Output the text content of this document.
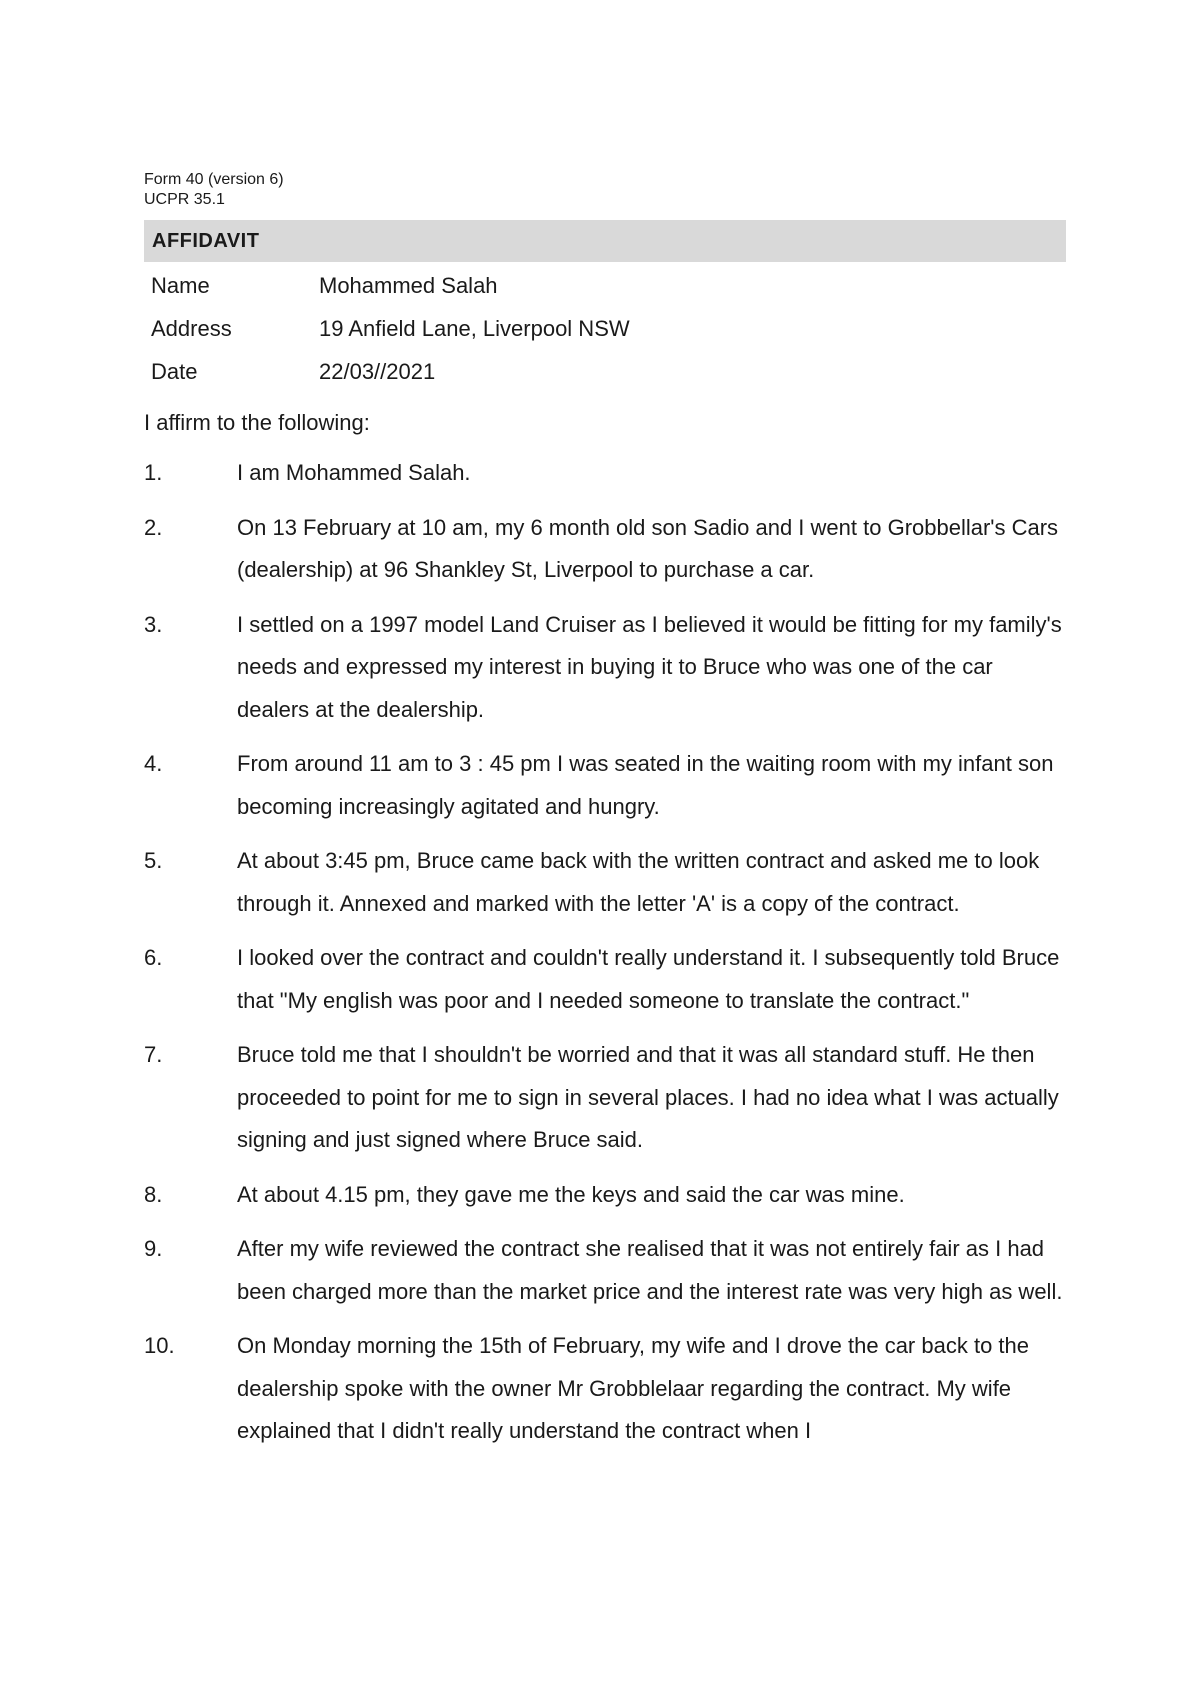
Form 40 (version 6)
UCPR 35.1
AFFIDAVIT
Name	Mohammed Salah
Address	19 Anfield Lane, Liverpool NSW
Date	22/03//2021
I affirm to the following:
1.	I am Mohammed Salah.
2.	On 13 February at 10 am, my 6 month old son Sadio and I went to Grobbellar's Cars (dealership) at 96 Shankley St, Liverpool to purchase a car.
3.	I settled on a 1997 model Land Cruiser as I believed it would be fitting for my family's needs and expressed my interest in buying it to Bruce who was one of the car dealers at the dealership.
4.	From around 11 am to 3 : 45 pm I was seated in the waiting room with my infant son becoming increasingly agitated and hungry.
5.	At about 3:45 pm, Bruce came back with the written contract and asked me to look through it. Annexed and marked with the letter 'A' is a copy of the contract.
6.	I looked over the contract and couldn't really understand it. I subsequently told Bruce that "My english was poor and I needed someone to translate the contract."
7.	Bruce told me that I shouldn't be worried and that it was all standard stuff. He then proceeded to point for me to sign in several places. I had no idea what I was actually signing and just signed where Bruce said.
8.	At about 4.15 pm, they gave me the keys and said the car was mine.
9.	After my wife reviewed the contract she realised that it was not entirely fair as I had been charged more than the market price and the interest rate was very high as well.
10.	On Monday morning the 15th of February, my wife and I drove the car back to the dealership spoke with the owner Mr Grobblelaar regarding the contract. My wife explained that I didn't really understand the contract when I
